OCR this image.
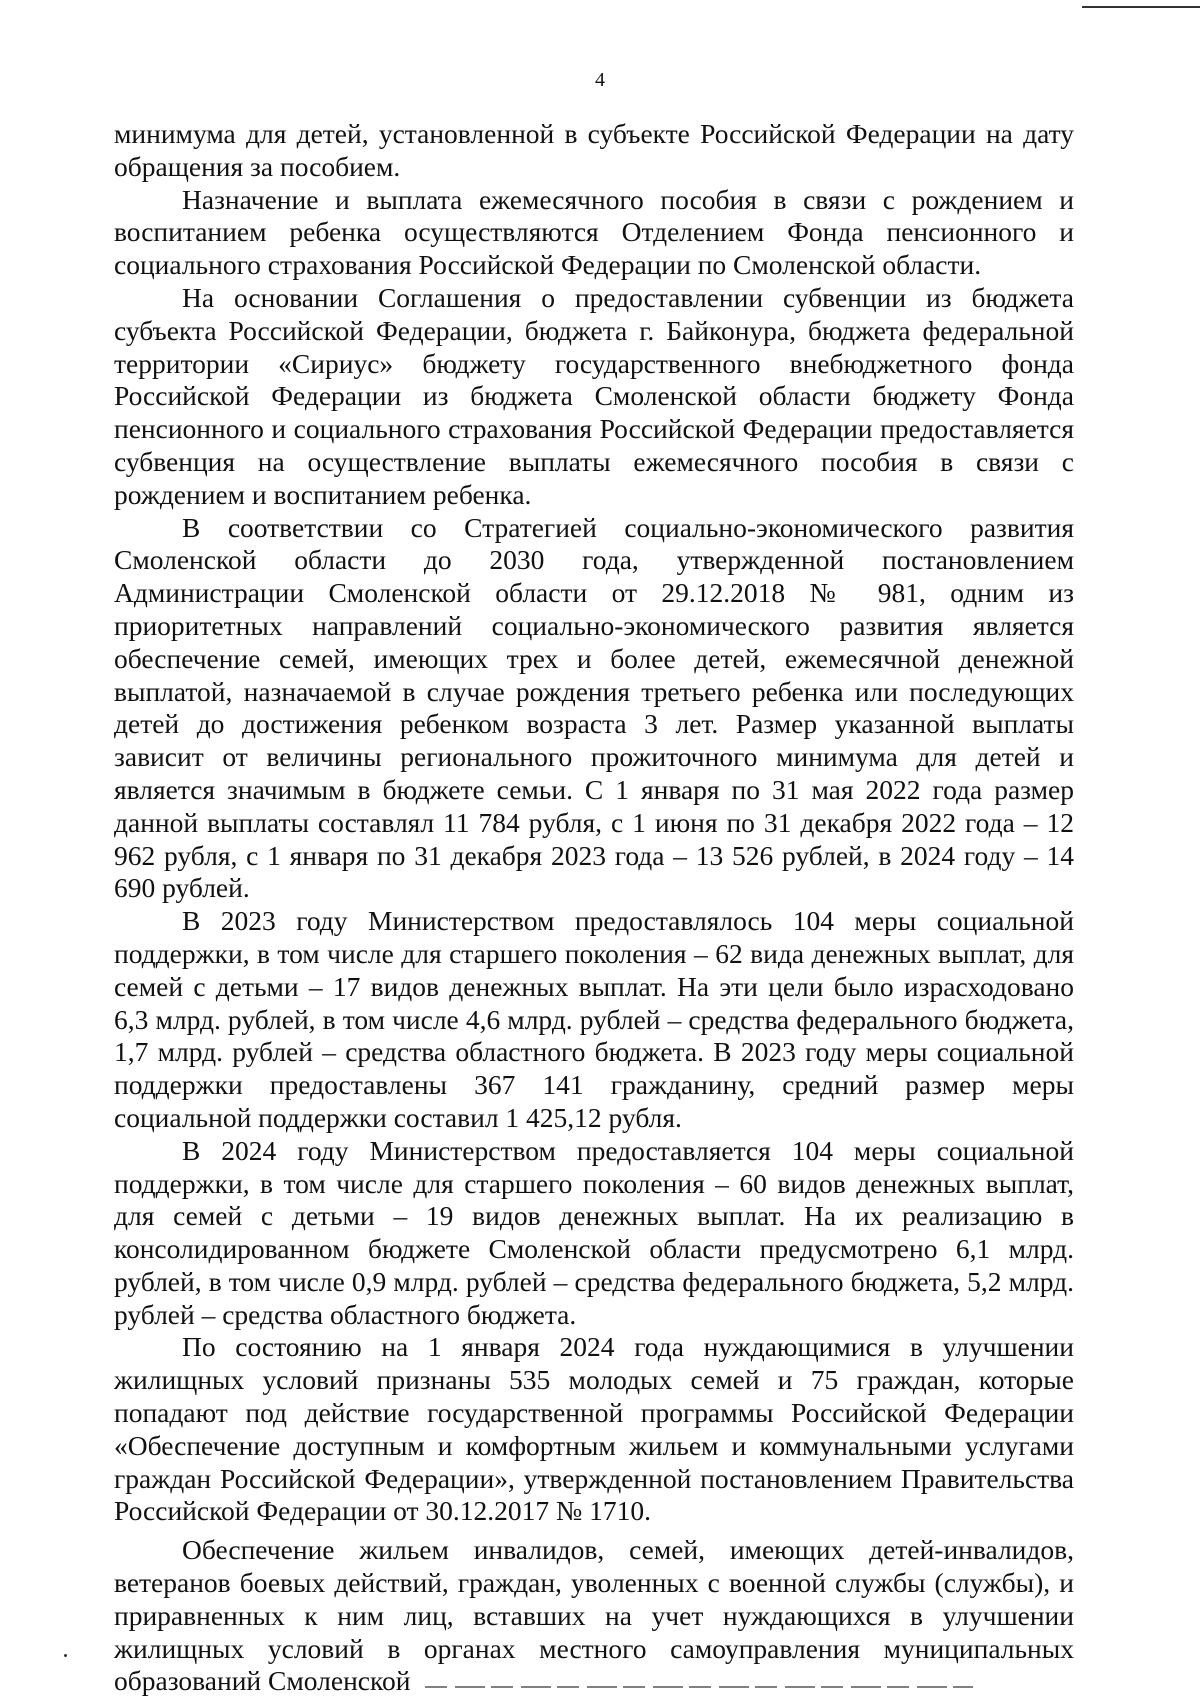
4

минимума для детей, установленной в субъекте Российской Федерации на дату обращения за пособием.

Назначение и выплата ежемесячного пособия в связи с рождением и воспитанием ребенка осуществляются Отделением Фонда пенсионного и социального страхования Российской Федерации по Смоленской области.

На основании Соглашения о предоставлении субвенции из бюджета субъекта Российской Федерации, бюджета г. Байконура, бюджета федеральной территории «Сириус» бюджету государственного внебюджетного фонда Российской Федерации из бюджета Смоленской области бюджету Фонда пенсионного и социального страхования Российской Федерации предоставляется субвенция на осуществление выплаты ежемесячного пособия в связи с рождением и воспитанием ребенка.

В соответствии со Стратегией социально-экономического развития Смоленской области до 2030 года, утвержденной постановлением Администрации Смоленской области от 29.12.2018 № 981, одним из приоритетных направлений социально-экономического развития является обеспечение семей, имеющих трех и более детей, ежемесячной денежной выплатой, назначаемой в случае рождения третьего ребенка или последующих детей до достижения ребенком возраста 3 лет. Размер указанной выплаты зависит от величины регионального прожиточного минимума для детей и является значимым в бюджете семьи. С 1 января по 31 мая 2022 года размер данной выплаты составлял 11 784 рубля, с 1 июня по 31 декабря 2022 года – 12 962 рубля, с 1 января по 31 декабря 2023 года – 13 526 рублей, в 2024 году – 14 690 рублей.

В 2023 году Министерством предоставлялось 104 меры социальной поддержки, в том числе для старшего поколения – 62 вида денежных выплат, для семей с детьми – 17 видов денежных выплат. На эти цели было израсходовано 6,3 млрд. рублей, в том числе 4,6 млрд. рублей – средства федерального бюджета, 1,7 млрд. рублей – средства областного бюджета. В 2023 году меры социальной поддержки предоставлены 367 141 гражданину, средний размер меры социальной поддержки составил 1 425,12 рубля.

В 2024 году Министерством предоставляется 104 меры социальной поддержки, в том числе для старшего поколения – 60 видов денежных выплат, для семей с детьми – 19 видов денежных выплат. На их реализацию в консолидированном бюджете Смоленской области предусмотрено 6,1 млрд. рублей, в том числе 0,9 млрд. рублей – средства федерального бюджета, 5,2 млрд. рублей – средства областного бюджета.

По состоянию на 1 января 2024 года нуждающимися в улучшении жилищных условий признаны 535 молодых семей и 75 граждан, которые попадают под действие государственной программы Российской Федерации «Обеспечение доступным и комфортным жильем и коммунальными услугами граждан Российской Федерации», утвержденной постановлением Правительства Российской Федерации от 30.12.2017 № 1710.

Обеспечение жильем инвалидов, семей, имеющих детей-инвалидов, ветеранов боевых действий, граждан, уволенных с военной службы (службы), и приравненных к ним лиц, вставших на учет нуждающихся в улучшении жилищных условий в органах местного самоуправления муниципальных образований Смоленской
